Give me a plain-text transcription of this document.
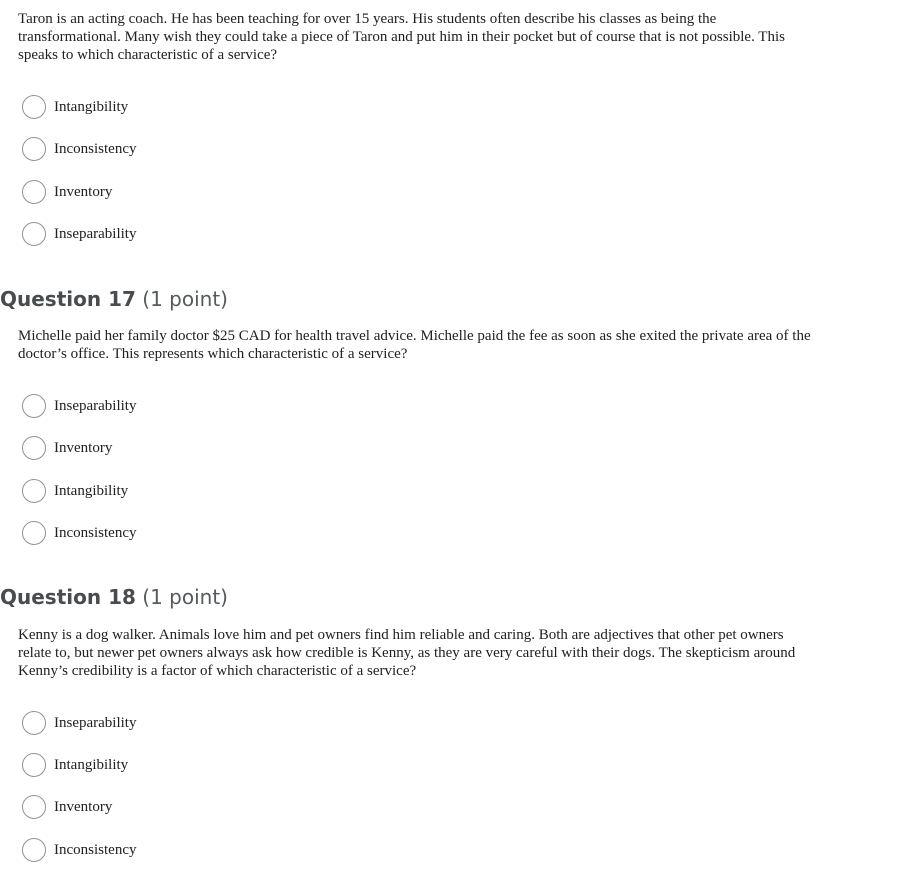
Taron is an acting coach. He has been teaching for over 15 years. His students often describe his classes as being the transformational. Many wish they could take a piece of Taron and put him in their pocket but of course that is not possible. This speaks to which characteristic of a service?
Intangibility
Inconsistency
Inventory
Inseparability
Question 17 (1 point)
Michelle paid her family doctor $25 CAD for health travel advice. Michelle paid the fee as soon as she exited the private area of the doctor’s office. This represents which characteristic of a service?
Inseparability
Inventory
Intangibility
Inconsistency
Question 18 (1 point)
Kenny is a dog walker. Animals love him and pet owners find him reliable and caring. Both are adjectives that other pet owners relate to, but newer pet owners always ask how credible is Kenny, as they are very careful with their dogs. The skepticism around Kenny’s credibility is a factor of which characteristic of a service?
Inseparability
Intangibility
Inventory
Inconsistency
